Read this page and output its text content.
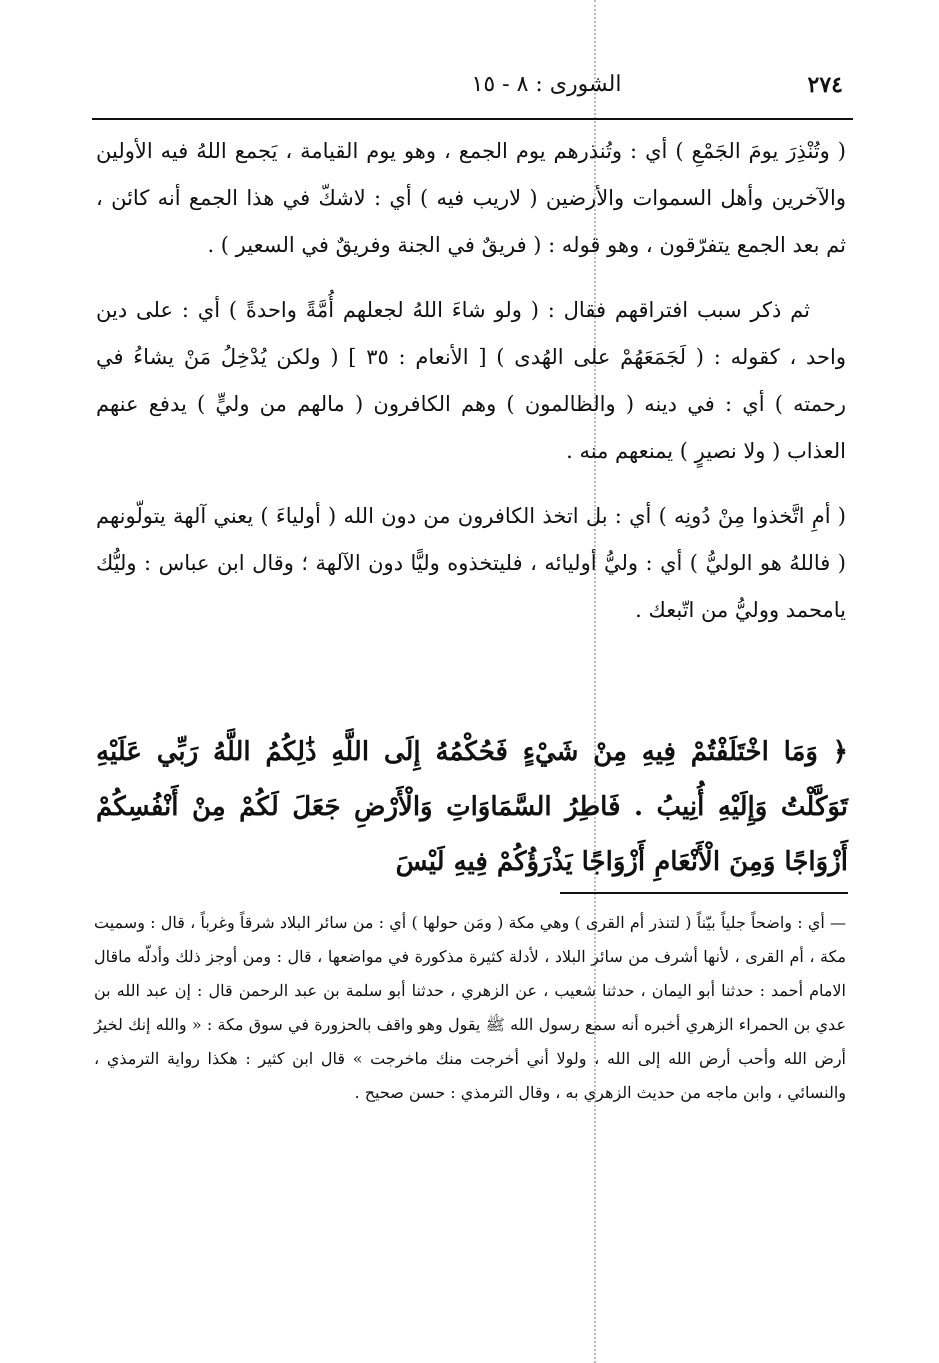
٢٧٤
الشورى : ٨ - ١٥

( وتُنْذِرَ يومَ الجَمْعِ ) أي : وتُنذرهم يوم الجمع ، وهو يوم القيامة ، يَجمع اللهُ فيه الأولين والآخرين وأهل السموات والأرضين ( لاريب فيه ) أي : لاشكّ في هذا الجمع أنه كائن ، ثم بعد الجمع يتفرّقون ، وهو قوله : ( فريقٌ في الجنة وفريقٌ في السعير ) .

ثم ذكر سبب افتراقهم فقال : ( ولو شاءَ اللهُ لجعلهم أُمَّةً واحدةً ) أي : على دين واحد ، كقوله : ( لَجَمَعَهُمْ على الهُدى ) [ الأنعام : ٣٥ ] ( ولكن يُدْخِلُ مَنْ يشاءُ في رحمته ) أي : في دينه ( والظالمون ) وهم الكافرون ( مالهم من وليٍّ ) يدفع عنهم العذاب ( ولا نصيرٍ ) يمنعهم منه .

( أمِ اتَّخذوا مِنْ دُونِه ) أي : بل اتخذ الكافرون من دون الله ( أولياءَ ) يعني آلهة يتولّونهم ( فاللهُ هو الوليُّ ) أي : وليُّ أوليائه ، فليتخذوه وليًّا دون الآلهة ؛ وقال ابن عباس : وليُّك يامحمد ووليُّ من اتّبعك .

﴿ وَمَا اخْتَلَفْتُمْ فِيهِ مِنْ شَيْءٍ فَحُكْمُهُ إِلَى اللَّهِ ذَٰلِكُمُ اللَّهُ رَبِّي عَلَيْهِ تَوَكَّلْتُ وَإِلَيْهِ أُنِيبُ . فَاطِرُ السَّمَاوَاتِ وَالْأَرْضِ جَعَلَ لَكُمْ مِنْ أَنْفُسِكُمْ أَزْوَاجًا وَمِنَ الْأَنْعَامِ أَزْوَاجًا يَذْرَؤُكُمْ فِيهِ لَيْسَ

— أي : واضحاً جلياً بيّناً ( لتنذر أم القرى ) وهي مكة ( ومَن حولها ) أي : من سائر البلاد شرقاً وغرباً ، قال : وسميت مكة ، أم القرى ، لأنها أشرف من سائر البلاد ، لأدلة كثيرة مذكورة في مواضعها ، قال : ومن أوجز ذلك وأدلّه ماقال الامام أحمد : حدثنا أبو اليمان ، حدثنا شعيب ، عن الزهري ، حدثنا أبو سلمة بن عبد الرحمن قال : إن عبد الله بن عدي بن الحمراء الزهري أخبره أنه سمع رسول الله ﷺ يقول وهو واقف بالحزورة في سوق مكة : « والله إنك لخيرُ أرض الله وأحب أرض الله إلى الله ، ولولا أني أخرجت منك ماخرجت » قال ابن كثير : هكذا رواية الترمذي ، والنسائي ، وابن ماجه من حديث الزهري به ، وقال الترمذي : حسن صحيح .
